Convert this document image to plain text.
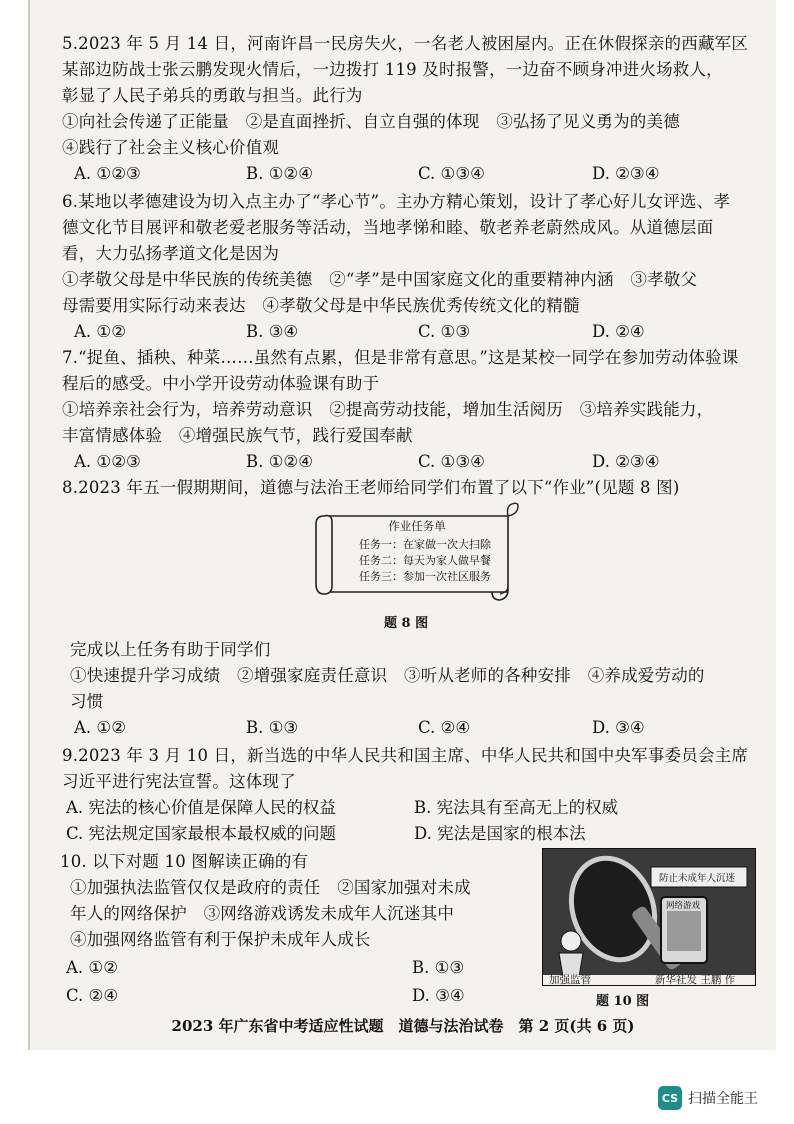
5.2023 年 5 月 14 日，河南许昌一民房失火，一名老人被困屋内。正在休假探亲的西藏军区
某部边防战士张云鹏发现火情后，一边拨打 119 及时报警，一边奋不顾身冲进火场救人，
彰显了人民子弟兵的勇敢与担当。此行为
①向社会传递了正能量　②是直面挫折、自立自强的体现　③弘扬了见义勇为的美德
④践行了社会主义核心价值观
A. ①②③	B. ①②④	C. ①③④	D. ②③④
6.某地以孝德建设为切入点主办了“孝心节”。主办方精心策划，设计了孝心好儿女评选、孝
德文化节目展评和敬老爱老服务等活动，当地孝悌和睦、敬老养老蔚然成风。从道德层面
看，大力弘扬孝道文化是因为
①孝敬父母是中华民族的传统美德　②“孝”是中国家庭文化的重要精神内涵　③孝敬父
母需要用实际行动来表达　④孝敬父母是中华民族优秀传统文化的精髓
A. ①②	B. ③④	C. ①③	D. ②④
7.“捉鱼、插秧、种菜……虽然有点累，但是非常有意思。”这是某校一同学在参加劳动体验课
程后的感受。中小学开设劳动体验课有助于
①培养亲社会行为，培养劳动意识　②提高劳动技能，增加生活阅历　③培养实践能力，
丰富情感体验　④增强民族气节，践行爱国奉献
A. ①②③	B. ①②④	C. ①③④	D. ②③④
8.2023 年五一假期期间，道德与法治王老师给同学们布置了以下“作业”(见题 8 图)
作业任务单
任务一：在家做一次大扫除
任务二：每天为家人做早餐
任务三：参加一次社区服务
题 8 图
完成以上任务有助于同学们
①快速提升学习成绩　②增强家庭责任意识　③听从老师的各种安排　④养成爱劳动的
习惯
A. ①②	B. ①③	C. ②④	D. ③④
9.2023 年 3 月 10 日，新当选的中华人民共和国主席、中华人民共和国中央军事委员会主席
习近平进行宪法宣誓。这体现了
A. 宪法的核心价值是保障人民的权益	B. 宪法具有至高无上的权威
C. 宪法规定国家最根本最权威的问题	D. 宪法是国家的根本法
10. 以下对题 10 图解读正确的有
①加强执法监管仅仅是政府的责任　②国家加强对未成
年人的网络保护　③网络游戏诱发未成年人沉迷其中
④加强网络监管有利于保护未成年人成长
A. ①②	B. ①③
C. ②④	D. ③④
防止未成年人沉迷
网络游戏
加强监管	新华社发 王鹏 作
题 10 图
2023 年广东省中考适应性试题　道德与法治试卷　第 2 页(共 6 页)
CS 扫描全能王
